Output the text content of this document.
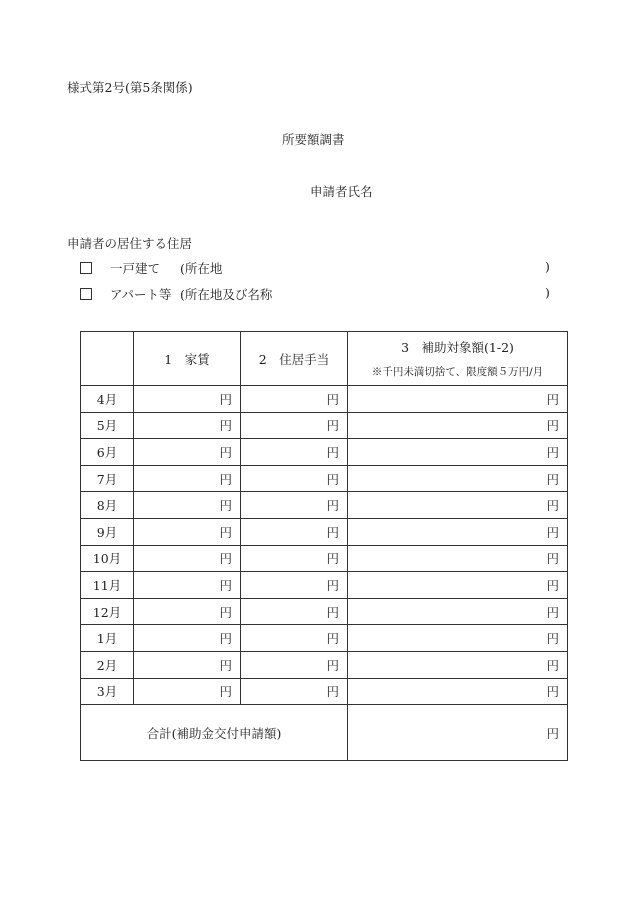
様式第2号(第5条関係)
所要額調書
申請者氏名
申請者の居住する住居
一戸建て (所在地	)
アパート等 (所在地及び名称	)
	1　家賃	2　住居手当	3　補助対象額(1-2)
※千円未満切捨て、限度額５万円/月

4月	円	円	円
5月	円	円	円
6月	円	円	円
7月	円	円	円
8月	円	円	円
9月	円	円	円
10月	円	円	円
11月	円	円	円
12月	円	円	円
1月	円	円	円
2月	円	円	円
3月	円	円	円
合計(補助金交付申請額)			円
